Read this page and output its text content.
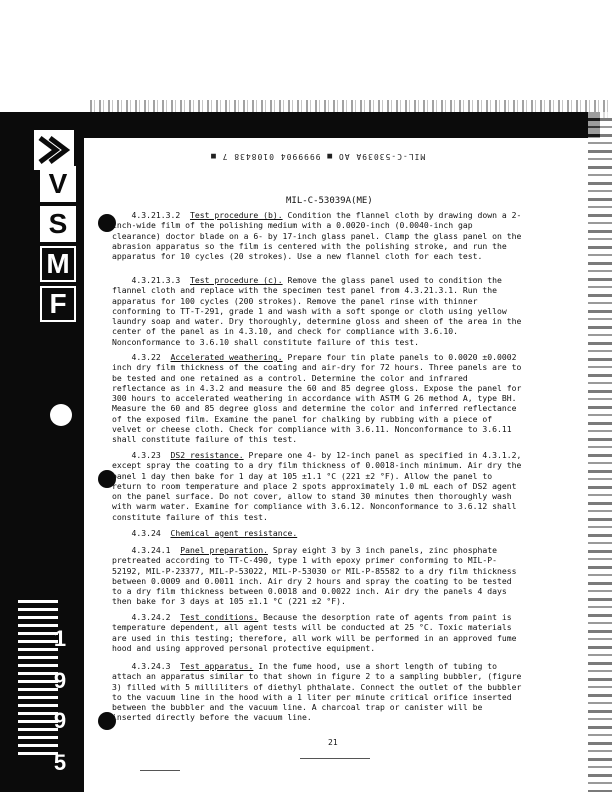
V
S
M
F
1
9
9
5
MIL-C-53039A AO ■ 9999904 0108438 7 ■
MIL-C-53039A(ME)
4.3.21.3.2 Test procedure (b). Condition the flannel cloth by drawing down a 2-inch-wide film of the polishing medium with a 0.0020-inch (0.0040-inch gap clearance) doctor blade on a 6- by 17-inch glass panel. Clamp the glass panel on the abrasion apparatus so the film is centered with the polishing stroke, and run the apparatus for 10 cycles (20 strokes). Use a new flannel cloth for each test.
4.3.21.3.3 Test procedure (c). Remove the glass panel used to condition the flannel cloth and replace with the specimen test panel from 4.3.21.3.1. Run the apparatus for 100 cycles (200 strokes). Remove the panel rinse with thinner conforming to TT-T-291, grade 1 and wash with a soft sponge or cloth using yellow laundry soap and water. Dry thoroughly, determine gloss and sheen of the area in the center of the panel as in 4.3.10, and check for compliance with 3.6.10. Nonconformance to 3.6.10 shall constitute failure of this test.
4.3.22 Accelerated weathering. Prepare four tin plate panels to 0.0020 ±0.0002 inch dry film thickness of the coating and air-dry for 72 hours. Three panels are to be tested and one retained as a control. Determine the color and infrared reflectance as in 4.3.2 and measure the 60 and 85 degree gloss. Expose the panel for 300 hours to accelerated weathering in accordance with ASTM G 26 method A, type BH. Measure the 60 and 85 degree gloss and determine the color and inferred reflectance of the exposed film. Examine the panel for chalking by rubbing with a piece of velvet or cheese cloth. Check for compliance with 3.6.11. Nonconformance to 3.6.11 shall constitute failure of this test.
4.3.23 DS2 resistance. Prepare one 4- by 12-inch panel as specified in 4.3.1.2, except spray the coating to a dry film thickness of 0.0018-inch minimum. Air dry the panel 1 day then bake for 1 day at 105 ±1.1 °C (221 ±2 °F). Allow the panel to return to room temperature and place 2 spots approximately 1.0 mL each of DS2 agent on the panel surface. Do not cover, allow to stand 30 minutes then thoroughly wash with warm water. Examine for compliance with 3.6.12. Nonconformance to 3.6.12 shall constitute failure of this test.
4.3.24 Chemical agent resistance.
4.3.24.1 Panel preparation. Spray eight 3 by 3 inch panels, zinc phosphate pretreated according to TT-C-490, type 1 with epoxy primer conforming to MIL-P-52192, MIL-P-23377, MIL-P-53022, MIL-P-53030 or MIL-P-85582 to a dry film thickness between 0.0009 and 0.0011 inch. Air dry 2 hours and spray the coating to be tested to a dry film thickness between 0.0018 and 0.0022 inch. Air dry the panels 4 days then bake for 3 days at 105 ±1.1 °C (221 ±2 °F).
4.3.24.2 Test conditions. Because the desorption rate of agents from paint is temperature dependent, all agent tests will be conducted at 25 °C. Toxic materials are used in this testing; therefore, all work will be performed in an approved fume hood and using approved personal protective equipment.
4.3.24.3 Test apparatus. In the fume hood, use a short length of tubing to attach an apparatus similar to that shown in figure 2 to a sampling bubbler, (figure 3) filled with 5 milliliters of diethyl phthalate. Connect the outlet of the bubbler to the vacuum line in the hood with a 1 liter per minute critical orifice inserted between the bubbler and the vacuum line. A charcoal trap or canister will be inserted directly before the vacuum line.
21
